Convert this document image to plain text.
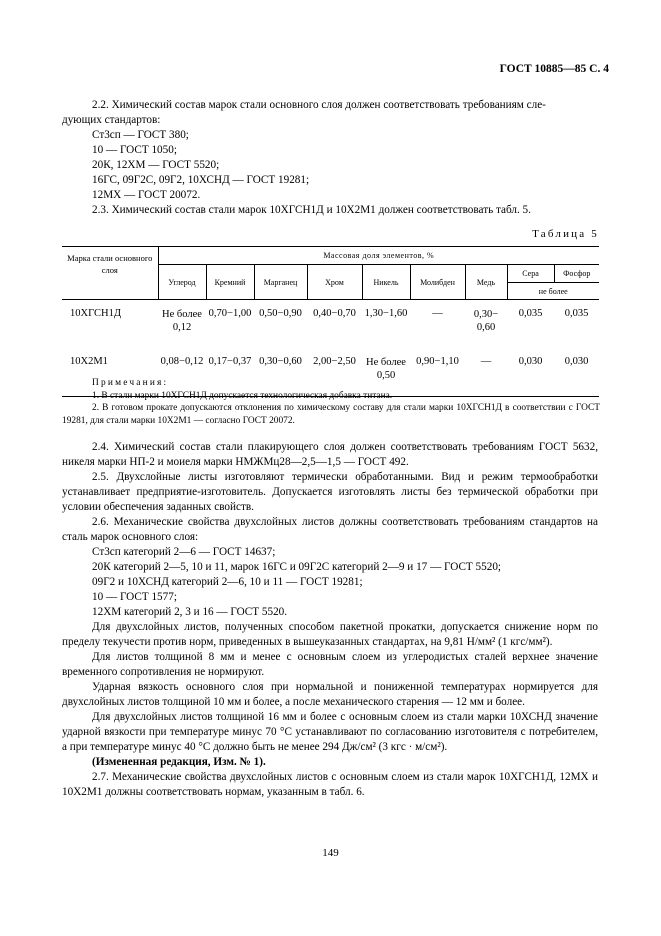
ГОСТ 10885—85 С. 4

2.2. Химический состав марок стали основного слоя должен соответствовать требованиям сле-

дующих стандартов:

Ст3сп — ГОСТ 380;

10 — ГОСТ 1050;

20К, 12ХМ — ГОСТ 5520;

16ГС, 09Г2С, 09Г2, 10ХСНД — ГОСТ 19281;

12МХ — ГОСТ 20072.

2.3. Химический состав стали марок 10ХГСН1Д и 10Х2М1 должен соответствовать табл. 5.

Таблица 5
Марка стали основного слоя	Массовая доля элементов, %								
	Углерод	Кремний	Марганец	Хром	Никель	Молибден	Медь	Сера	Фосфор
								не более	
10ХГСН1Д	Не более 0,12	0,70−1,00	0,50−0,90	0,40−0,70	1,30−1,60	—	0,30− 0,60	0,035	0,035
10Х2М1	0,08−0,12	0,17−0,37	0,30−0,60	2,00−2,50	Не более 0,50	0,90−1,10	—	0,030	0,030

Примечания:

1. В стали марки 10ХГСН1Д допускается технологическая добавка титана.

2. В готовом прокате допускаются отклонения по химическому составу для стали марки 10ХГСН1Д в соответствии с ГОСТ 19281, для стали марки 10Х2М1 — согласно ГОСТ 20072.

2.4. Химический состав стали плакирующего слоя должен соответствовать требованиям ГОСТ 5632, никеля марки НП-2 и моиеля марки НМЖМц28—2,5—1,5 — ГОСТ 492.

2.5. Двухслойные листы изготовляют термически обработанными. Вид и режим термообработки устанавливает предприятие-изготовитель. Допускается изготовлять листы без термической обработки при условии обеспечения заданных свойств.

2.6. Механические свойства двухслойных листов должны соответствовать требованиям стандартов на сталь марок основного слоя:

Ст3сп категорий 2—6 — ГОСТ 14637;

20К категорий 2—5, 10 и 11, марок 16ГС и 09Г2С категорий 2—9 и 17 — ГОСТ 5520;

09Г2 и 10ХСНД категорий 2—6, 10 и 11 — ГОСТ 19281;

10 — ГОСТ 1577;

12ХМ категорий 2, 3 и 16 — ГОСТ 5520.

Для двухслойных листов, полученных способом пакетной прокатки, допускается снижение норм по пределу текучести против норм, приведенных в вышеуказанных стандартах, на 9,81 Н/мм² (1 кгс/мм²).

Для листов толщиной 8 мм и менее с основным слоем из углеродистых сталей верхнее значение временного сопротивления не нормируют.

Ударная вязкость основного слоя при нормальной и пониженной температурах нормируется для двухслойных листов толщиной 10 мм и более, а после механического старения — 12 мм и более.

Для двухслойных листов толщиной 16 мм и более с основным слоем из стали марки 10ХСНД значение ударной вязкости при температуре минус 70 °С устанавливают по согласованию изготовителя с потребителем, а при температуре минус 40 °С должно быть не менее 294 Дж/см² (3 кгс · м/см²).

(Измененная редакция, Изм. № 1).

2.7. Механические свойства двухслойных листов с основным слоем из стали марок 10ХГСН1Д, 12МХ и 10Х2М1 должны соответствовать нормам, указанным в табл. 6.

149
